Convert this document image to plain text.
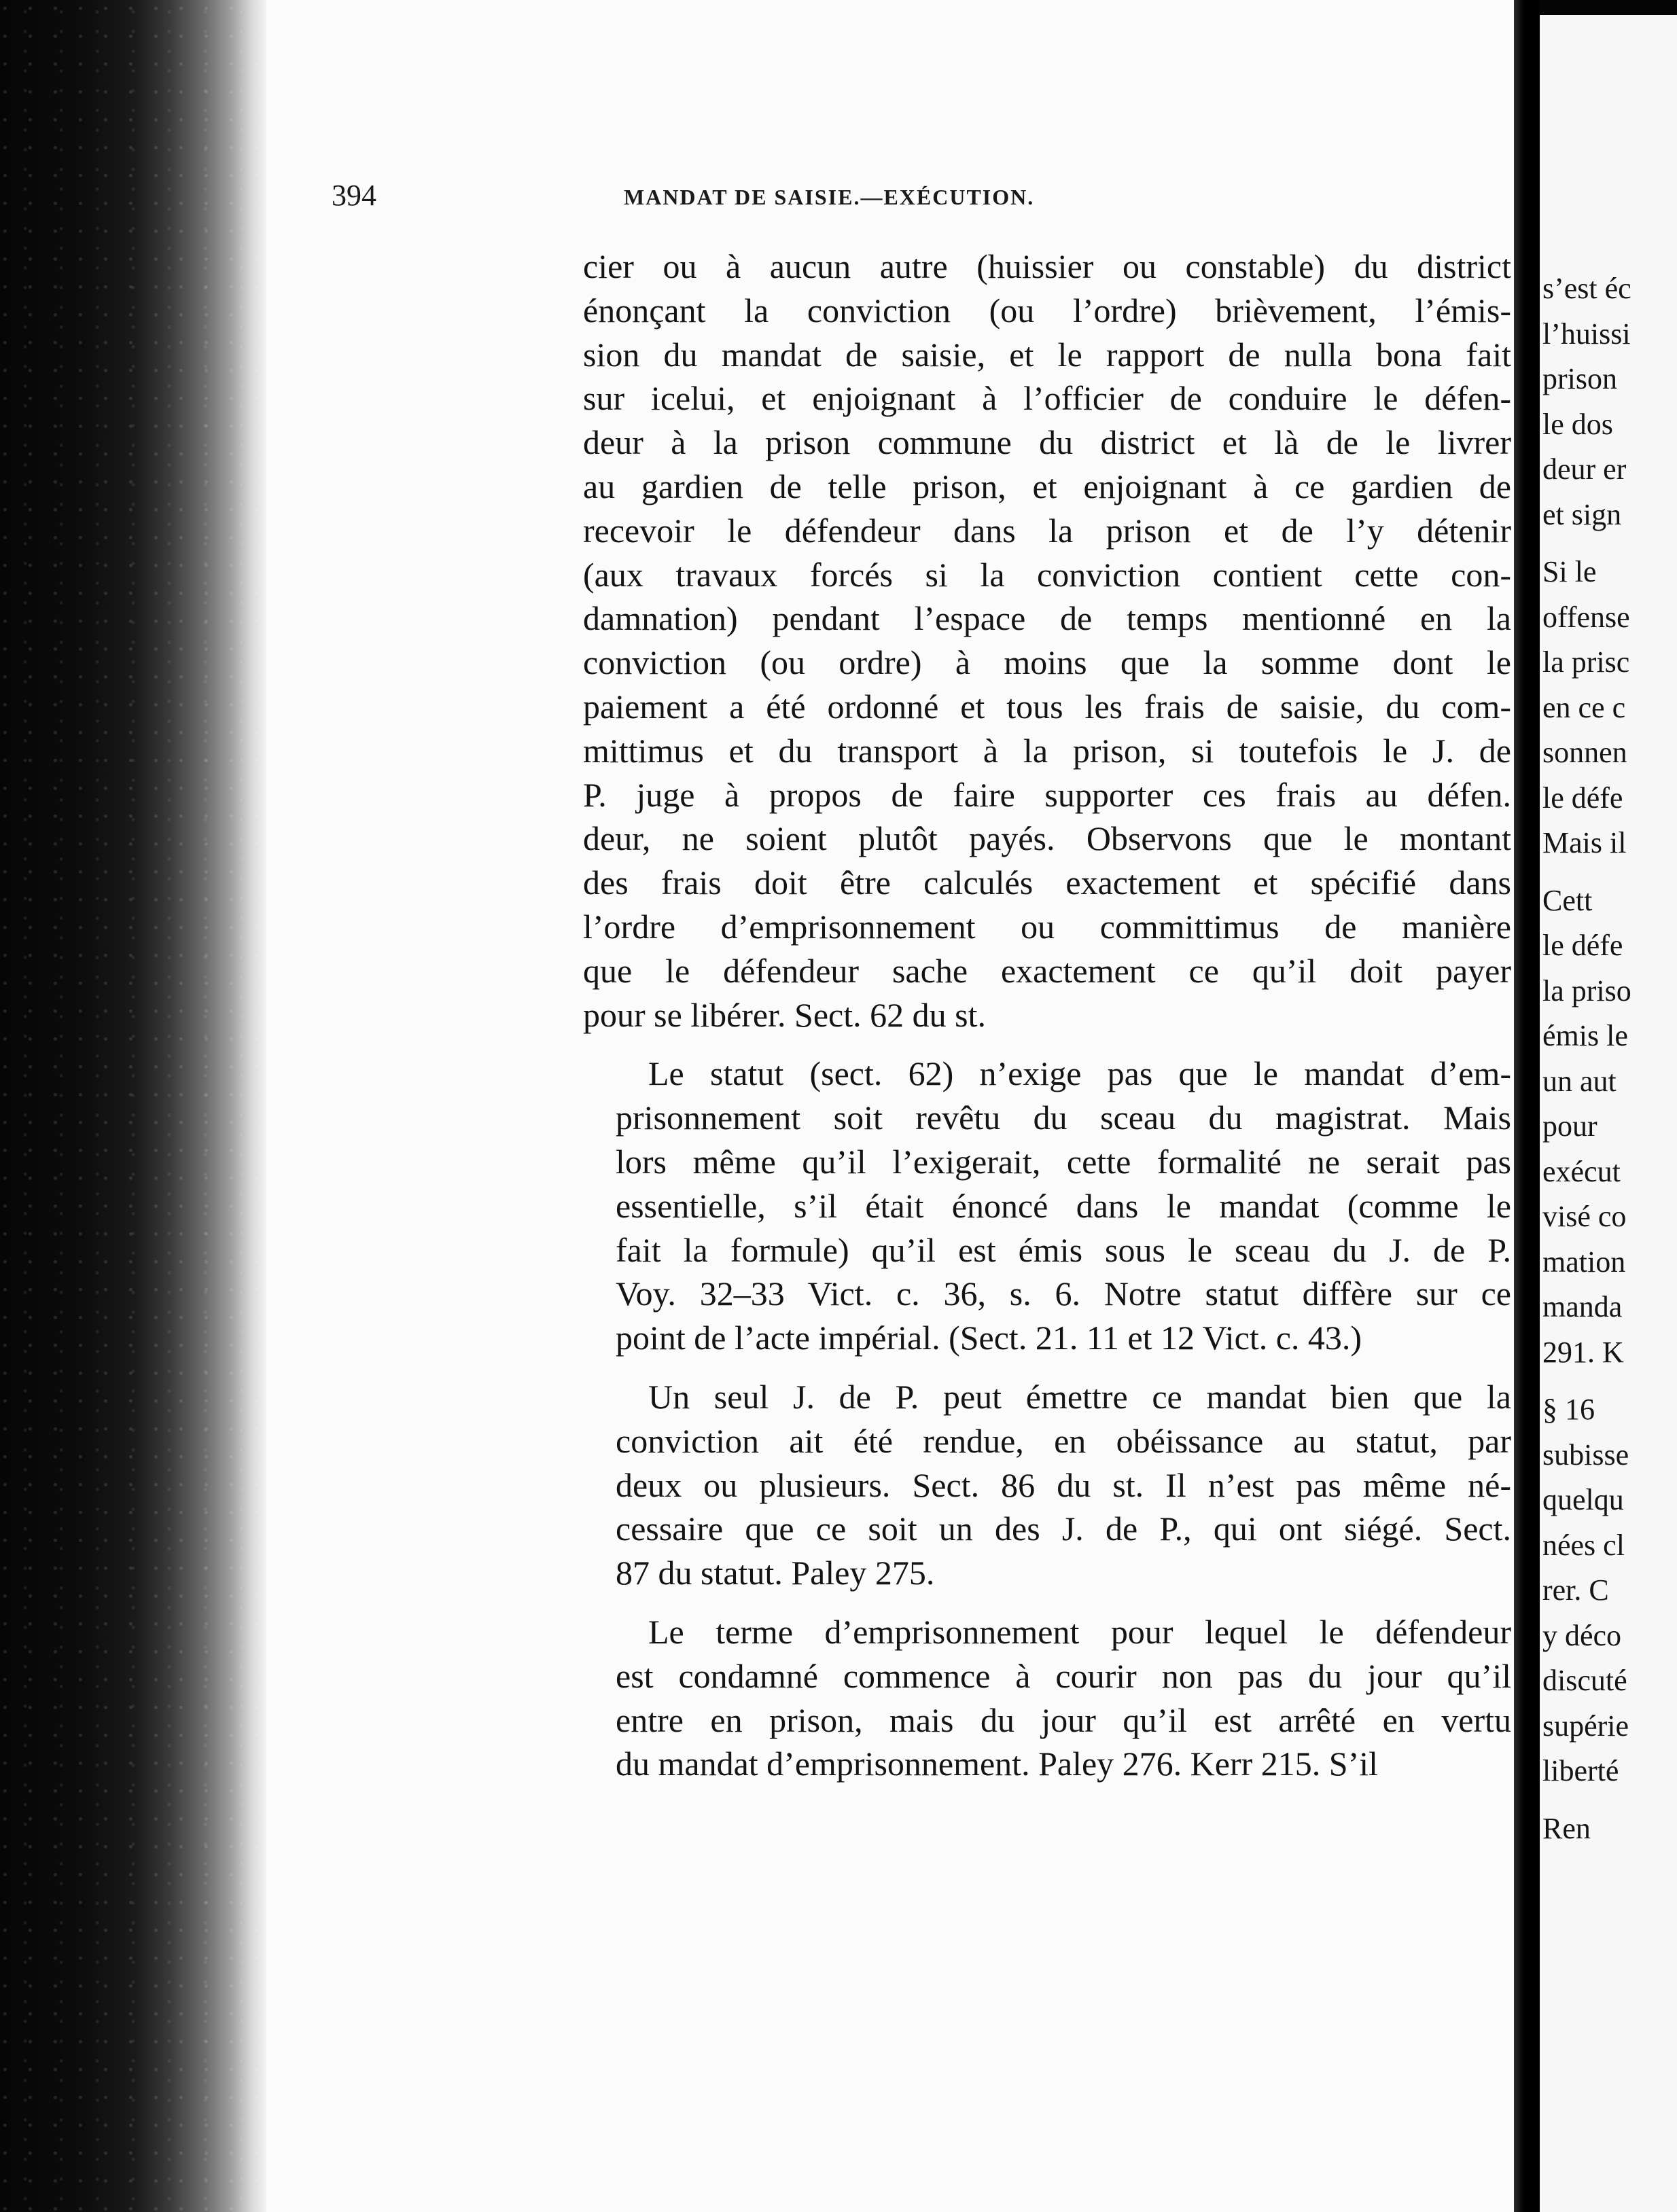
394	MANDAT DE SAISIE.—EXÉCUTION.
cier ou à aucun autre (huissier ou constable) du district
énonçant la conviction (ou l’ordre) brièvement, l’émis-
sion du mandat de saisie, et le rapport de nulla bona fait
sur icelui, et enjoignant à l’officier de conduire le défen-
deur à la prison commune du district et là de le livrer
au gardien de telle prison, et enjoignant à ce gardien de
recevoir le défendeur dans la prison et de l’y détenir
(aux travaux forcés si la conviction contient cette con-
damnation) pendant l’espace de temps mentionné en la
conviction (ou ordre) à moins que la somme dont le
paiement a été ordonné et tous les frais de saisie, du com-
mittimus et du transport à la prison, si toutefois le J. de
P. juge à propos de faire supporter ces frais au défen.
deur, ne soient plutôt payés. Observons que le montant
des frais doit être calculés exactement et spécifié dans
l’ordre d’emprisonnement ou committimus de manière
que le défendeur sache exactement ce qu’il doit payer
pour se libérer. Sect. 62 du st.
Le statut (sect. 62) n’exige pas que le mandat d’em-
prisonnement soit revêtu du sceau du magistrat. Mais
lors même qu’il l’exigerait, cette formalité ne serait pas
essentielle, s’il était énoncé dans le mandat (comme le
fait la formule) qu’il est émis sous le sceau du J. de P.
Voy. 32–33 Vict. c. 36, s. 6. Notre statut diffère sur ce
point de l’acte impérial. (Sect. 21. 11 et 12 Vict. c. 43.)
Un seul J. de P. peut émettre ce mandat bien que la
conviction ait été rendue, en obéissance au statut, par
deux ou plusieurs. Sect. 86 du st. Il n’est pas même né-
cessaire que ce soit un des J. de P., qui ont siégé. Sect.
87 du statut. Paley 275.
Le terme d’emprisonnement pour lequel le défendeur
est condamné commence à courir non pas du jour qu’il
entre en prison, mais du jour qu’il est arrêté en vertu
du mandat d’emprisonnement. Paley 276. Kerr 215. S’il
s’est éc
l’huissi
prison
le dos
deur er
et sign
Si le
offense
la prisc
en ce c
sonnen
le défe
Mais il
Cett
le défe
la priso
émis le
un aut
pour
exécut
visé co
mation
manda
291. K
§ 16
subisse
quelqu
nées cl
rer. C
y déco
discuté
supérie
liberté
Ren
